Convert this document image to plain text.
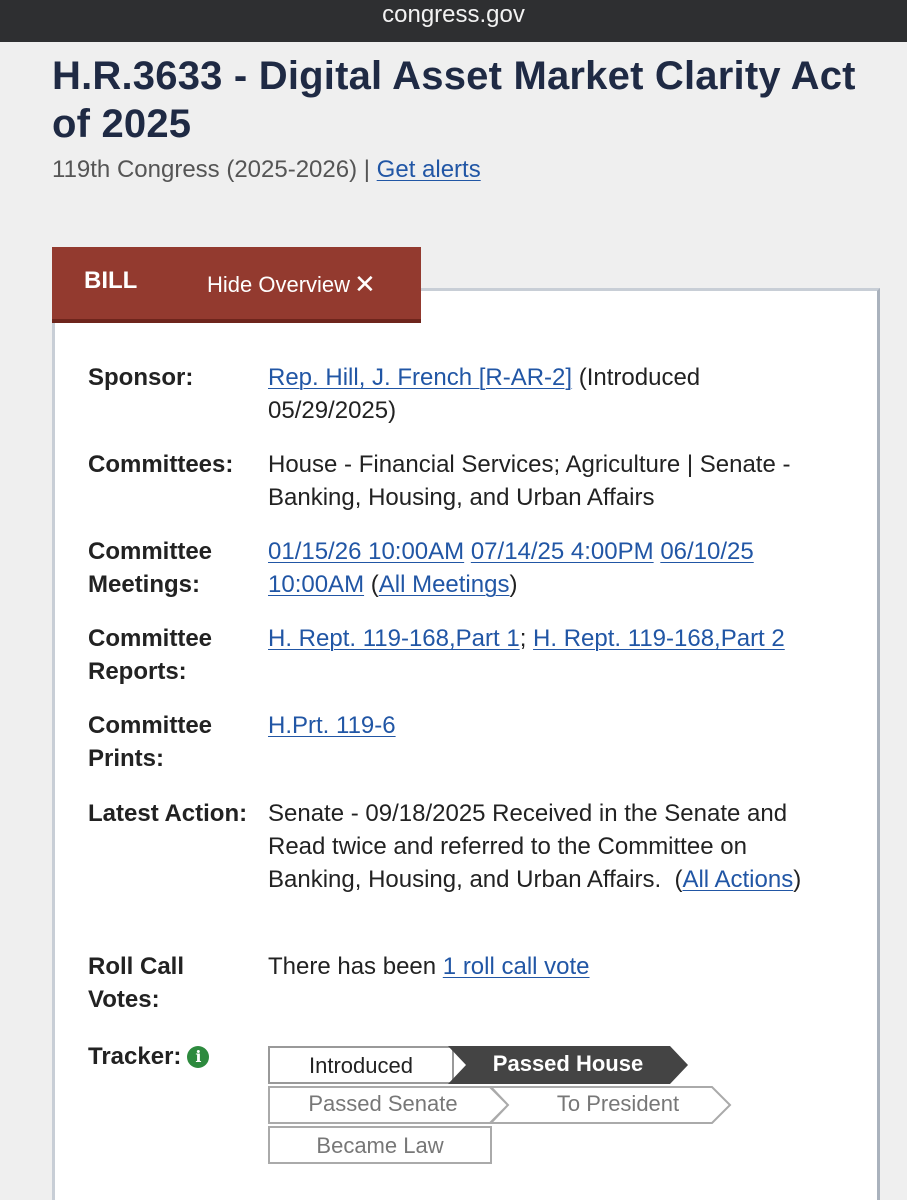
congress.gov
H.R.3633 - Digital Asset Market Clarity Act of 2025
119th Congress (2025-2026) | Get alerts
BILL	Hide Overview ✕
Sponsor:	Rep. Hill, J. French [R-AR-2] (Introduced 05/29/2025)
Committees:	House - Financial Services; Agriculture | Senate - Banking, Housing, and Urban Affairs
Committee Meetings:
01/15/26 10:00AM 07/14/25 4:00PM 06/10/25 10:00AM (All Meetings)
Committee Reports:
H. Rept. 119-168,Part 1; H. Rept. 119-168,Part 2
Committee Prints:
H.Prt. 119-6
Latest Action: Senate - 09/18/2025 Received in the Senate and Read twice and referred to the Committee on Banking, Housing, and Urban Affairs.  (All Actions)
Roll Call Votes:
There has been 1 roll call vote
Tracker: i	Introduced	Passed House
Passed Senate	To President
Became Law
